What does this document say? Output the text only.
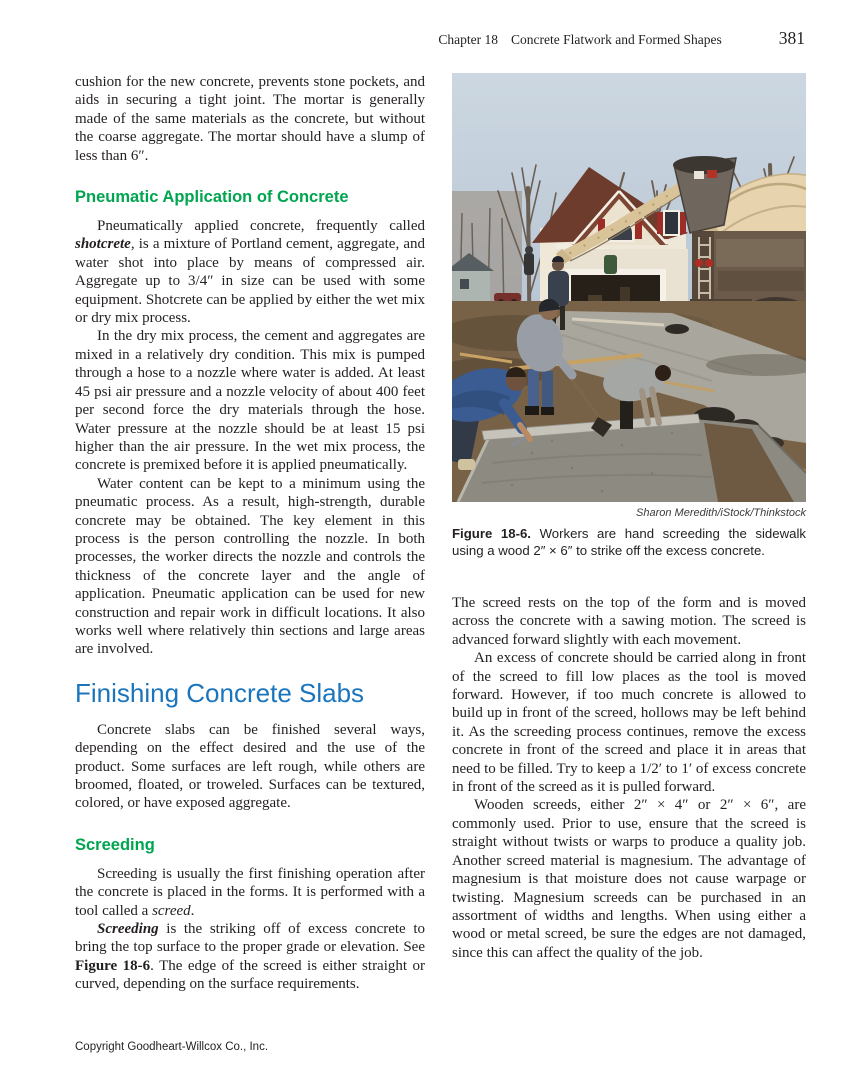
Chapter 18 Concrete Flatwork and Formed Shapes	381

cushion for the new concrete, prevents stone pockets, and aids in securing a tight joint. The mortar is generally made of the same materials as the concrete, but without the coarse aggregate. The mortar should have a slump of less than 6″.

Pneumatic Application of Concrete

Pneumatically applied concrete, frequently called shotcrete, is a mixture of Portland cement, aggregate, and water shot into place by means of compressed air. Aggregate up to 3/4″ in size can be used with some equipment. Shotcrete can be applied by either the wet mix or dry mix process.

In the dry mix process, the cement and aggregates are mixed in a relatively dry condition. This mix is pumped through a hose to a nozzle where water is added. At least 45 psi air pressure and a nozzle velocity of about 400 feet per second force the dry materials through the hose. Water pressure at the nozzle should be at least 15 psi higher than the air pressure. In the wet mix process, the concrete is premixed before it is applied pneumatically.

Water content can be kept to a minimum using the pneumatic process. As a result, high-strength, durable concrete may be obtained. The key element in this process is the person controlling the nozzle. In both processes, the worker directs the nozzle and controls the thickness of the concrete layer and the angle of application. Pneumatic application can be used for new construction and repair work in difficult locations. It also works well where relatively thin sections and large areas are involved.

Finishing Concrete Slabs

Concrete slabs can be finished several ways, depending on the effect desired and the use of the product. Some surfaces are left rough, while others are broomed, floated, or troweled. Surfaces can be textured, colored, or have exposed aggregate.

Screeding

Screeding is usually the first finishing operation after the concrete is placed in the forms. It is performed with a tool called a screed.

Screeding is the striking off of excess concrete to bring the top surface to the proper grade or elevation. See Figure 18-6. The edge of the screed is either straight or curved, depending on the surface requirements.

Sharon Meredith/iStock/Thinkstock
Figure 18-6. Workers are hand screeding the sidewalk using a wood 2″ × 6″ to strike off the excess concrete.

The screed rests on the top of the form and is moved across the concrete with a sawing motion. The screed is advanced forward slightly with each movement.

An excess of concrete should be carried along in front of the screed to fill low places as the tool is moved forward. However, if too much concrete is allowed to build up in front of the screed, hollows may be left behind it. As the screeding process continues, remove the excess concrete in front of the screed and place it in areas that need to be filled. Try to keep a 1/2′ to 1′ of excess concrete in front of the screed as it is pulled forward.

Wooden screeds, either 2″ × 4″ or 2″ × 6″, are commonly used. Prior to use, ensure that the screed is straight without twists or warps to produce a quality job. Another screed material is magnesium. The advantage of magnesium is that moisture does not cause warpage or twisting. Magnesium screeds can be purchased in an assortment of widths and lengths. When using either a wood or metal screed, be sure the edges are not damaged, since this can affect the quality of the job.

Copyright Goodheart-Willcox Co., Inc.
